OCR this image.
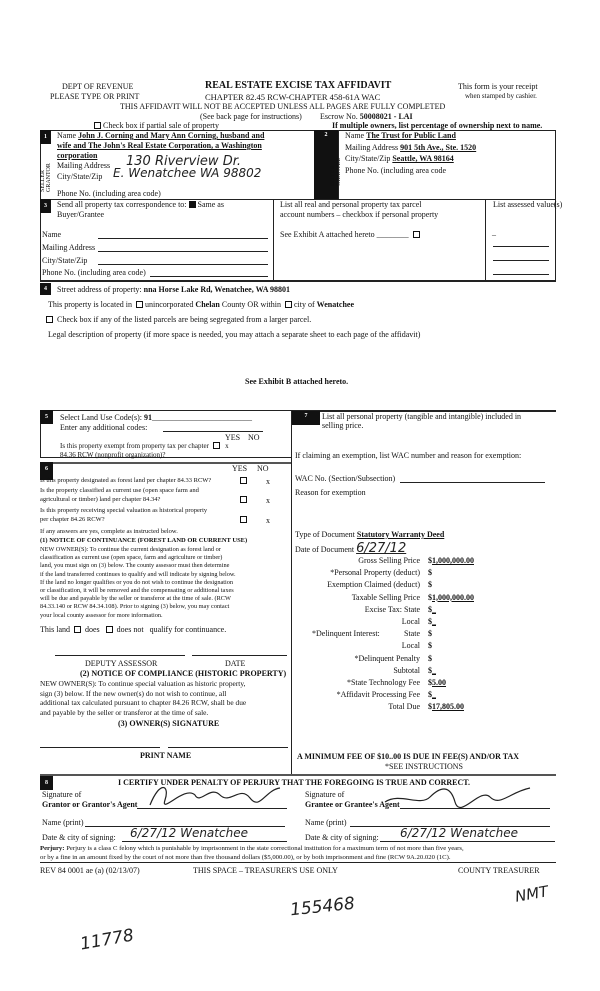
DEPT OF REVENUE
PLEASE TYPE OR PRINT
REAL ESTATE EXCISE TAX AFFIDAVIT
CHAPTER 82.45 RCW-CHAPTER 458-61A WAC
This form is your receipt
when stamped by cashier.
THIS AFFIDAVIT WILL NOT BE ACCEPTED UNLESS ALL PAGES ARE FULLY COMPLETED
(See back page for instructions) Escrow No. 50008021 - LAI
Check box if partial sale of property	If multiple owners, list percentage of ownership next to name.
1
SELLER GRANTOR
Name John J. Corning and Mary Ann Corning, husband and
wife and The John's Real Estate Corporation, a Washington
corporation
Mailing Address 130 Riverview Dr.
City/State/Zip E. Wenatchee WA 98802
Phone No. (including area code)
2
BUYER GRANTEE
Name The Trust for Public Land
Mailing Address 901 5th Ave., Ste. 1520
City/State/Zip Seattle, WA 98164
Phone No. (including area code
3	Send all property tax correspondence to: Same as
Buyer/Grantee
Name
Mailing Address
City/State/Zip
Phone No. (including area code)
List all real and personal property tax parcel
account numbers – checkbox if personal property
See Exhibit A attached hereto ________
List assessed value(s)
_
4	Street address of property: nna Horse Lake Rd, Wenatchee, WA 98801
This property is located in unincorporated Chelan County OR within city of Wenatchee
Check box if any of the listed parcels are being segregated from a larger parcel.
Legal description of property (if more space is needed, you may attach a separate sheet to each page of the affidavit)
See Exhibit B attached hereto.
5	Select Land Use Code(s): 91_________________________
Enter any additional codes:
YES NO
Is this property exempt from property tax per chapter x
84.36 RCW (nonprofit organization)?
6	YES NO
Is this property designated as forest land per chapter 84.33 RCW?	x
Is the property classified as current use (open space farm and
agricultural or timber) land per chapter 84.34?	x
Is this property receiving special valuation as historical property
per chapter 84.26 RCW?	x
If any answers are yes, complete as instructed below.
(1) NOTICE OF CONTINUANCE (FOREST LAND OR CURRENT USE)
NEW OWNER(S): To continue the current designation as forest land or
classification as current use (open space, farm and agriculture or timber)
land, you must sign on (3) below. The county assessor must then determine
if the land transferred continues to qualify and will indicate by signing below.
If the land no longer qualifies or you do not wish to continue the designation
or classification, it will be removed and the compensating or additional taxes
will be due and payable by the seller or transferor at the time of sale. (RCW
84.33.140 or RCW 84.34.108). Prior to signing (3) below, you may contact
your local county assessor for more information.
This land does does not qualify for continuance.
DEPUTY ASSESSOR	DATE
(2) NOTICE OF COMPLIANCE (HISTORIC PROPERTY)
NEW OWNER(S): To continue special valuation as historic property,
sign (3) below. If the new owner(s) do not wish to continue, all
additional tax calculated pursuant to chapter 84.26 RCW, shall be due
and payable by the seller or transferor at the time of sale.
(3) OWNER(S) SIGNATURE
PRINT NAME
7	List all personal property (tangible and intangible) included in
selling price.
If claiming an exemption, list WAC number and reason for exemption:
WAC No. (Section/Subsection)
Reason for exemption
Type of Document Statutory Warranty Deed
Date of Document 6/27/12
Gross Selling Price $1,000,000.00
*Personal Property (deduct) $
Exemption Claimed (deduct) $
Taxable Selling Price $1,000,000.00
Excise Tax: State $_
Local $_
*Delinquent Interest:	State $
Local $
*Delinquent Penalty $
Subtotal $_
*State Technology Fee $5.00
*Affidavit Processing Fee $_
Total Due $17,805.00
A MINIMUM FEE OF $10..00 IS DUE IN FEE(S) AND/OR TAX
*SEE INSTRUCTIONS
8	I CERTIFY UNDER PENALTY OF PERJURY THAT THE FOREGOING IS TRUE AND CORRECT.
Signature of
Grantor or Grantor's Agent
Signature of
Grantee or Grantee's Agent
Name (print)	Name (print)
Date & city of signing: 6/27/12 Wenatchee	Date & city of signing: 6/27/12 Wenatchee
Perjury: Perjury is a class C felony which is punishable by imprisonment in the state correctional institution for a maximum term of not more than five years,
or by a fine in an amount fixed by the court of not more than five thousand dollars ($5,000.00), or by both imprisonment and fine (RCW 9A.20.020 (1C).
REV 84 0001 ae (a) (02/13/07)	THIS SPACE – TREASURER'S USE ONLY	COUNTY TREASURER
155468
11778
NMT
